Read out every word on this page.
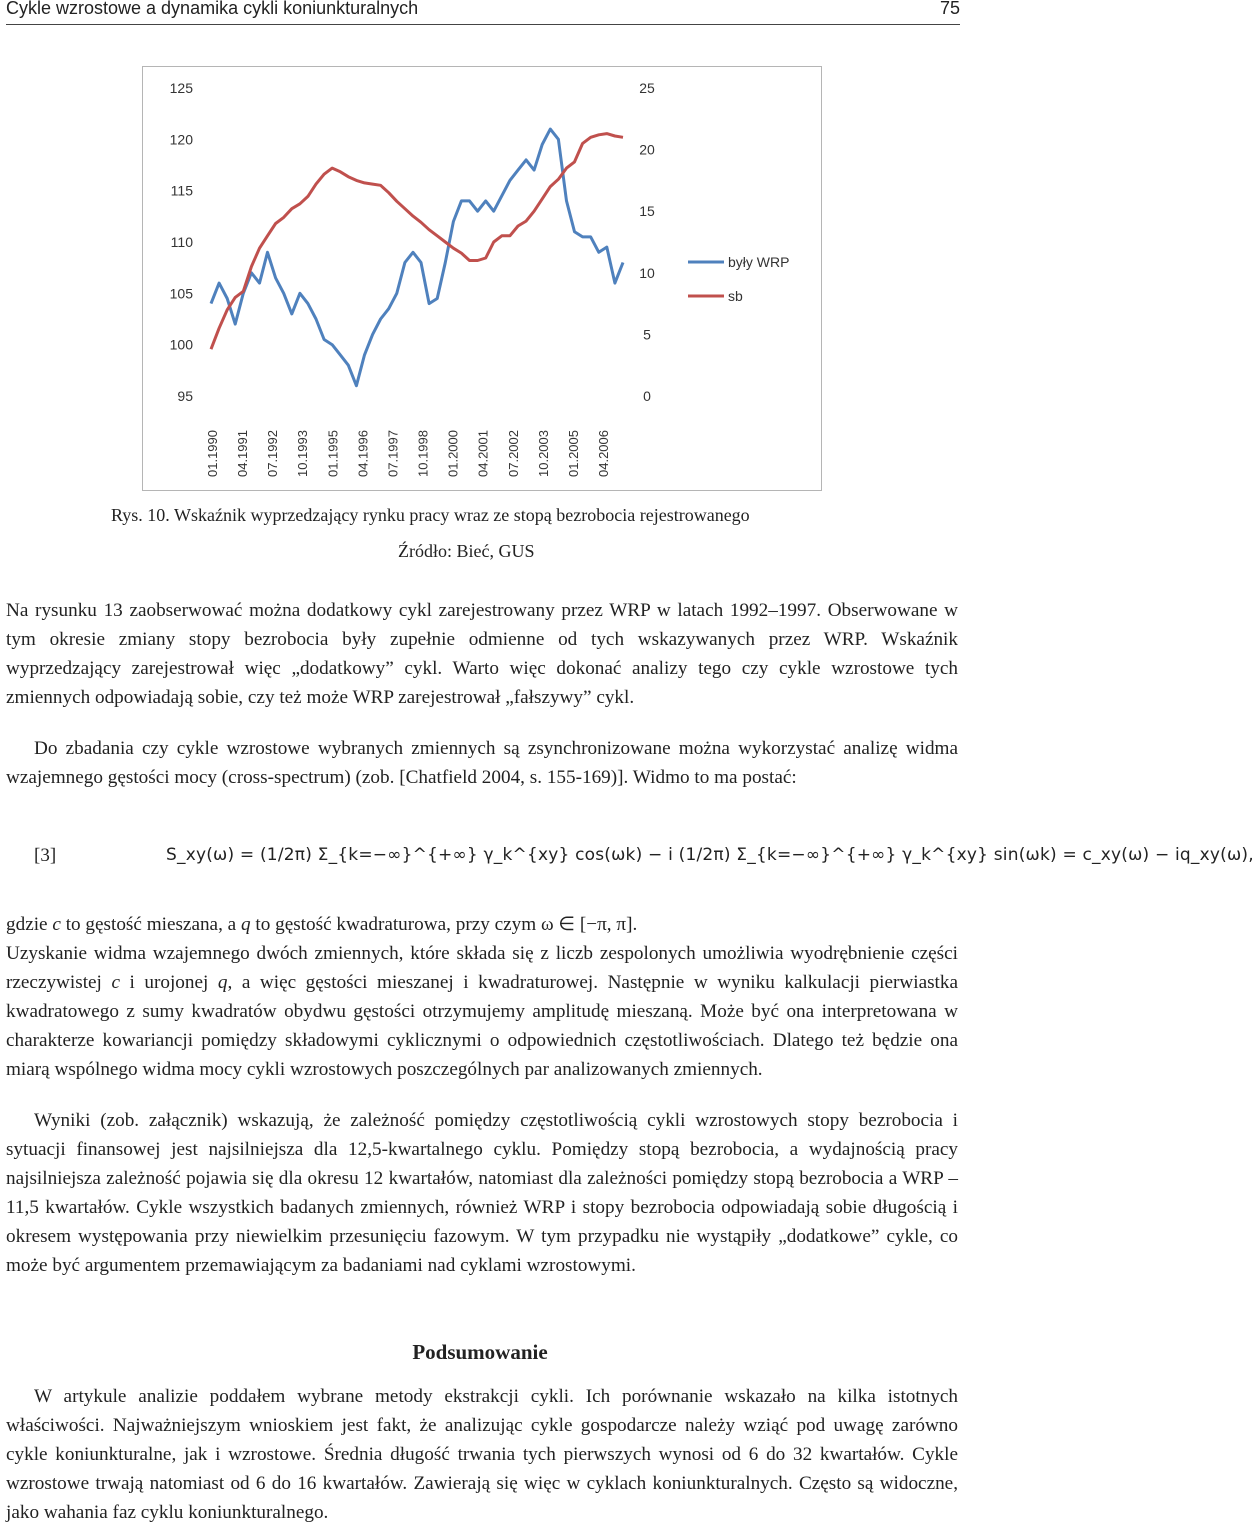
Cykle wzrostowe a dynamika cykli koniunkturalnych	75
125
120
115
110
105
100
95
25
20
15
10
5
0
01.1990 04.1991 07.1992 10.1993 01.1995 04.1996 07.1997 10.1998 01.2000 04.2001 07.2002 10.2003 01.2005 04.2006
były WRP
sb
Rys. 10. Wskaźnik wyprzedzający rynku pracy wraz ze stopą bezrobocia rejestrowanego
Źródło: Bieć, GUS

Na rysunku 13 zaobserwować można dodatkowy cykl zarejestrowany przez WRP w latach 1992–1997. Obserwowane w tym okresie zmiany stopy bezrobocia były zupełnie odmienne od tych wskazywanych przez WRP. Wskaźnik wyprzedzający zarejestrował więc „dodatkowy” cykl. Warto więc dokonać analizy tego czy cykle wzrostowe tych zmiennych odpowiadają sobie, czy też może WRP zarejestrował „fałszywy” cykl.

Do zbadania czy cykle wzrostowe wybranych zmiennych są zsynchronizowane można wykorzystać analizę widma wzajemnego gęstości mocy (cross-spectrum) (zob. [Chatfield 2004, s. 155-169)]. Widmo to ma postać:

[3]	S_xy(ω) = (1/2π) Σ_{k=−∞}^{+∞} γ_k^{xy} cos(ωk) − i (1/2π) Σ_{k=−∞}^{+∞} γ_k^{xy} sin(ωk) = c_xy(ω) − iq_xy(ω),

gdzie c to gęstość mieszana, a q to gęstość kwadraturowa, przy czym ω ∈ [−π, π].

Uzyskanie widma wzajemnego dwóch zmiennych, które składa się z liczb zespolonych umożliwia wyodrębnienie części rzeczywistej c i urojonej q, a więc gęstości mieszanej i kwadraturowej. Następnie w wyniku kalkulacji pierwiastka kwadratowego z sumy kwadratów obydwu gęstości otrzymujemy amplitudę mieszaną. Może być ona interpretowana w charakterze kowariancji pomiędzy składowymi cyklicznymi o odpowiednich częstotliwościach. Dlatego też będzie ona miarą wspólnego widma mocy cykli wzrostowych poszczególnych par analizowanych zmiennych.

Wyniki (zob. załącznik) wskazują, że zależność pomiędzy częstotliwością cykli wzrostowych stopy bezrobocia i sytuacji finansowej jest najsilniejsza dla 12,5-kwartalnego cyklu. Pomiędzy stopą bezrobocia, a wydajnością pracy najsilniejsza zależność pojawia się dla okresu 12 kwartałów, natomiast dla zależności pomiędzy stopą bezrobocia a WRP – 11,5 kwartałów. Cykle wszystkich badanych zmiennych, również WRP i stopy bezrobocia odpowiadają sobie długością i okresem występowania przy niewielkim przesunięciu fazowym. W tym przypadku nie wystąpiły „dodatkowe” cykle, co może być argumentem przemawiającym za badaniami nad cyklami wzrostowymi.

Podsumowanie

W artykule analizie poddałem wybrane metody ekstrakcji cykli. Ich porównanie wskazało na kilka istotnych właściwości. Najważniejszym wnioskiem jest fakt, że analizując cykle gospodarcze należy wziąć pod uwagę zarówno cykle koniunkturalne, jak i wzrostowe. Średnia długość trwania tych pierwszych wynosi od 6 do 32 kwartałów. Cykle wzrostowe trwają natomiast od 6 do 16 kwartałów. Zawierają się więc w cyklach koniunkturalnych. Często są widoczne, jako wahania faz cyklu koniunkturalnego.
